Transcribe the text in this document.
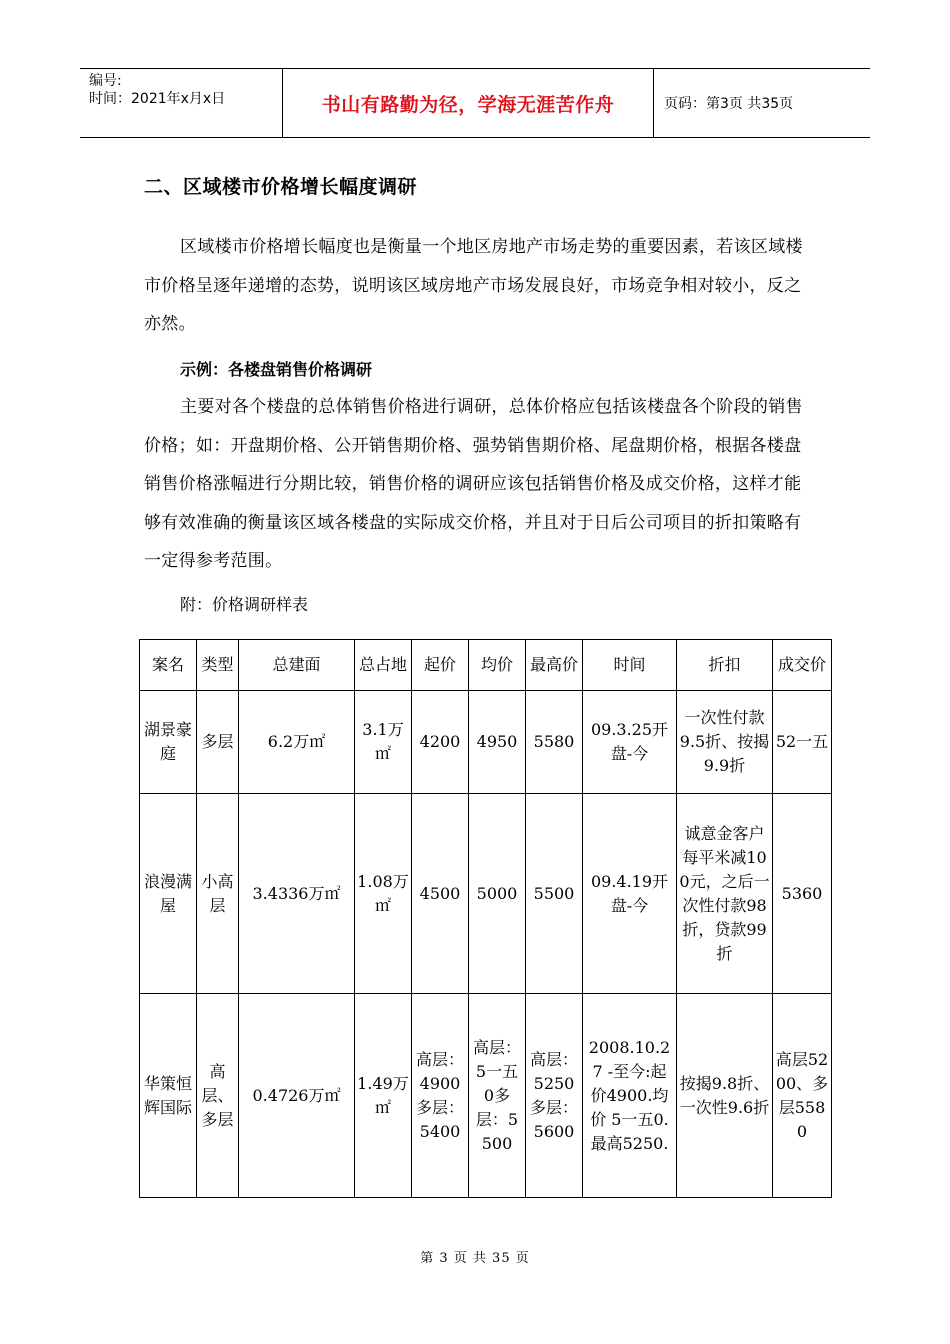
编号:
时间：2021年x月x日	书山有路勤为径，学海无涯苦作舟	页码：第3页 共35页
二、区域楼市价格增长幅度调研
区域楼市价格增长幅度也是衡量一个地区房地产市场走势的重要因素，若该区域楼市价格呈逐年递增的态势，说明该区域房地产市场发展良好，市场竞争相对较小，反之亦然。
示例：各楼盘销售价格调研
主要对各个楼盘的总体销售价格进行调研，总体价格应包括该楼盘各个阶段的销售价格；如：开盘期价格、公开销售期价格、强势销售期价格、尾盘期价格，根据各楼盘销售价格涨幅进行分期比较，销售价格的调研应该包括销售价格及成交价格，这样才能够有效准确的衡量该区域各楼盘的实际成交价格，并且对于日后公司项目的折扣策略有一定得参考范围。
附：价格调研样表
案名	类型	总建面	总占地	起价	均价	最高价	时间	折扣	成交价
湖景豪庭	多层	6.2万㎡	3.1万㎡	4200	4950	5580	09.3.25开盘-今	一次性付款9.5折、按揭9.9折	52一五
浪漫满屋	小高层	3.4336万㎡	1.08万㎡	4500	5000	5500	09.4.19开盘-今	诚意金客户每平米减100元，之后一次性付款98折，贷款99折	5360
华策恒辉国际	高层、多层	0.4726万㎡	1.49万㎡	高层：4900多层：5400	高层：5一五0多层：5500	高层：5250多层：5600	2008.10.27 -至今:起价4900.均价 5一五0.最高5250.	按揭9.8折、一次性9.6折	高层5200、多层5580
第 3 页 共 35 页
